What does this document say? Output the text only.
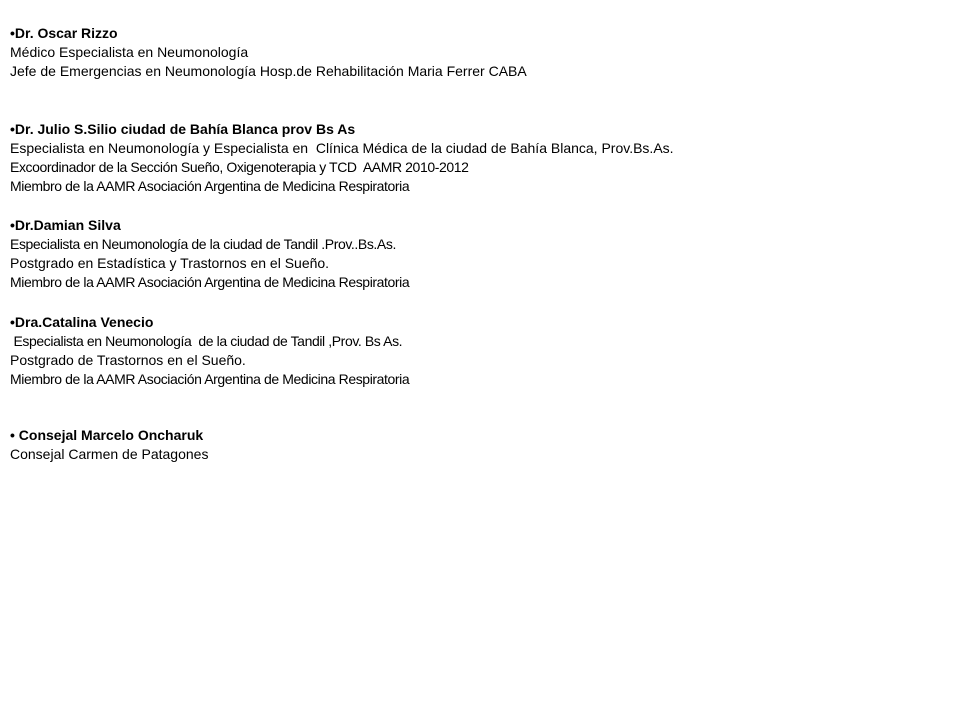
•Dr. Oscar Rizzo
Médico Especialista en Neumonología
Jefe de Emergencias en Neumonología Hosp.de Rehabilitación Maria Ferrer CABA
•Dr. Julio S.Silio ciudad de Bahía Blanca prov Bs As
Especialista en Neumonología y Especialista en  Clínica Médica de la ciudad de Bahía Blanca, Prov.Bs.As.
Excoordinador de la Sección Sueño, Oxigenoterapia y TCD  AAMR 2010-2012
Miembro de la AAMR Asociación Argentina de Medicina Respiratoria
•Dr.Damian Silva
Especialista en Neumonología de la ciudad de Tandil .Prov..Bs.As.
Postgrado en Estadística y Trastornos en el Sueño.
Miembro de la AAMR Asociación Argentina de Medicina Respiratoria
•Dra.Catalina Venecio
Especialista en Neumonología  de la ciudad de Tandil ,Prov. Bs As.
Postgrado de Trastornos en el Sueño.
Miembro de la AAMR Asociación Argentina de Medicina Respiratoria
• Consejal Marcelo Oncharuk
Consejal Carmen de Patagones
